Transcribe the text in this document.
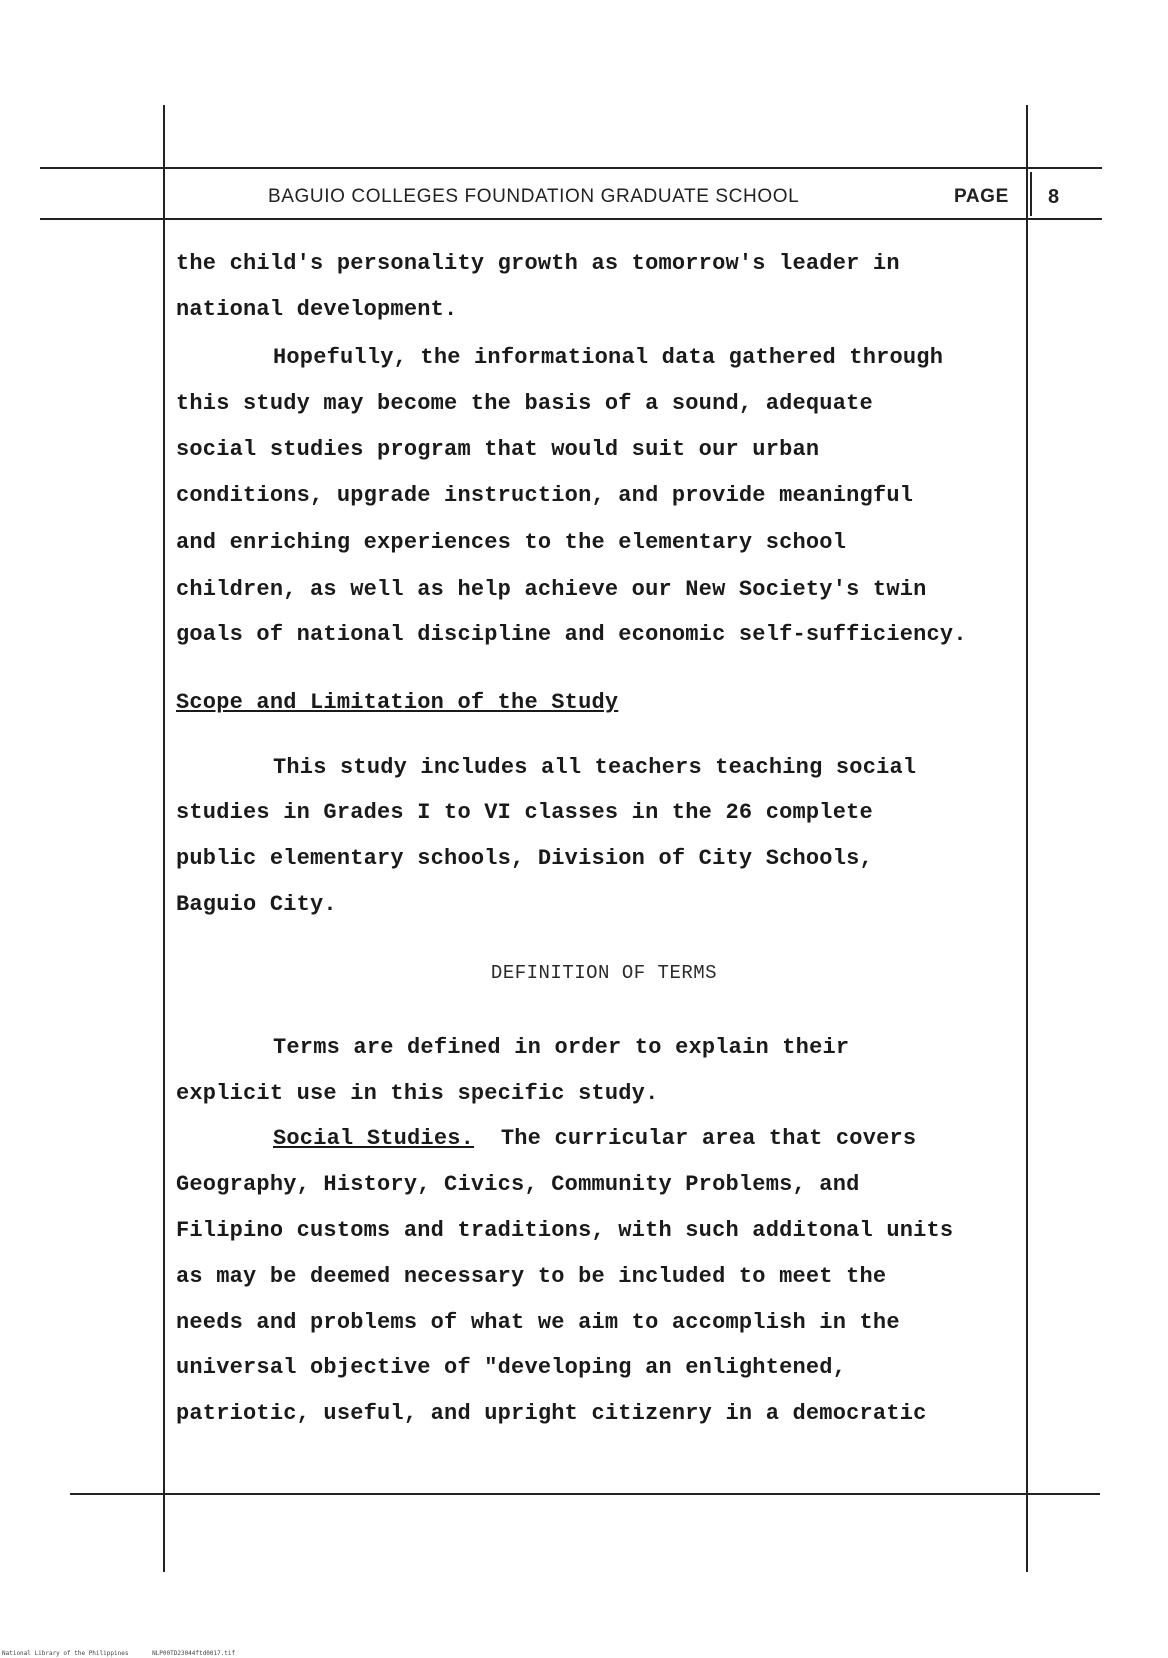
BAGUIO COLLEGES FOUNDATION GRADUATE SCHOOL	PAGE 8
the child's personality growth as tomorrow's leader in
national development.
Hopefully, the informational data gathered through
this study may become the basis of a sound, adequate
social studies program that would suit our urban
conditions, upgrade instruction, and provide meaningful
and enriching experiences to the elementary school
children, as well as help achieve our New Society's twin
goals of national discipline and economic self-sufficiency.
Scope and Limitation of the Study
This study includes all teachers teaching social
studies in Grades I to VI classes in the 26 complete
public elementary schools, Division of City Schools,
Baguio City.
DEFINITION OF TERMS
Terms are defined in order to explain their
explicit use in this specific study.
Social Studies.  The curricular area that covers
Geography, History, Civics, Community Problems, and
Filipino customs and traditions, with such additonal units
as may be deemed necessary to be included to meet the
needs and problems of what we aim to accomplish in the
universal objective of "developing an enlightened,
patriotic, useful, and upright citizenry in a democratic
National Library of the Philippines	NLP00TD23044ftd0017.tif
